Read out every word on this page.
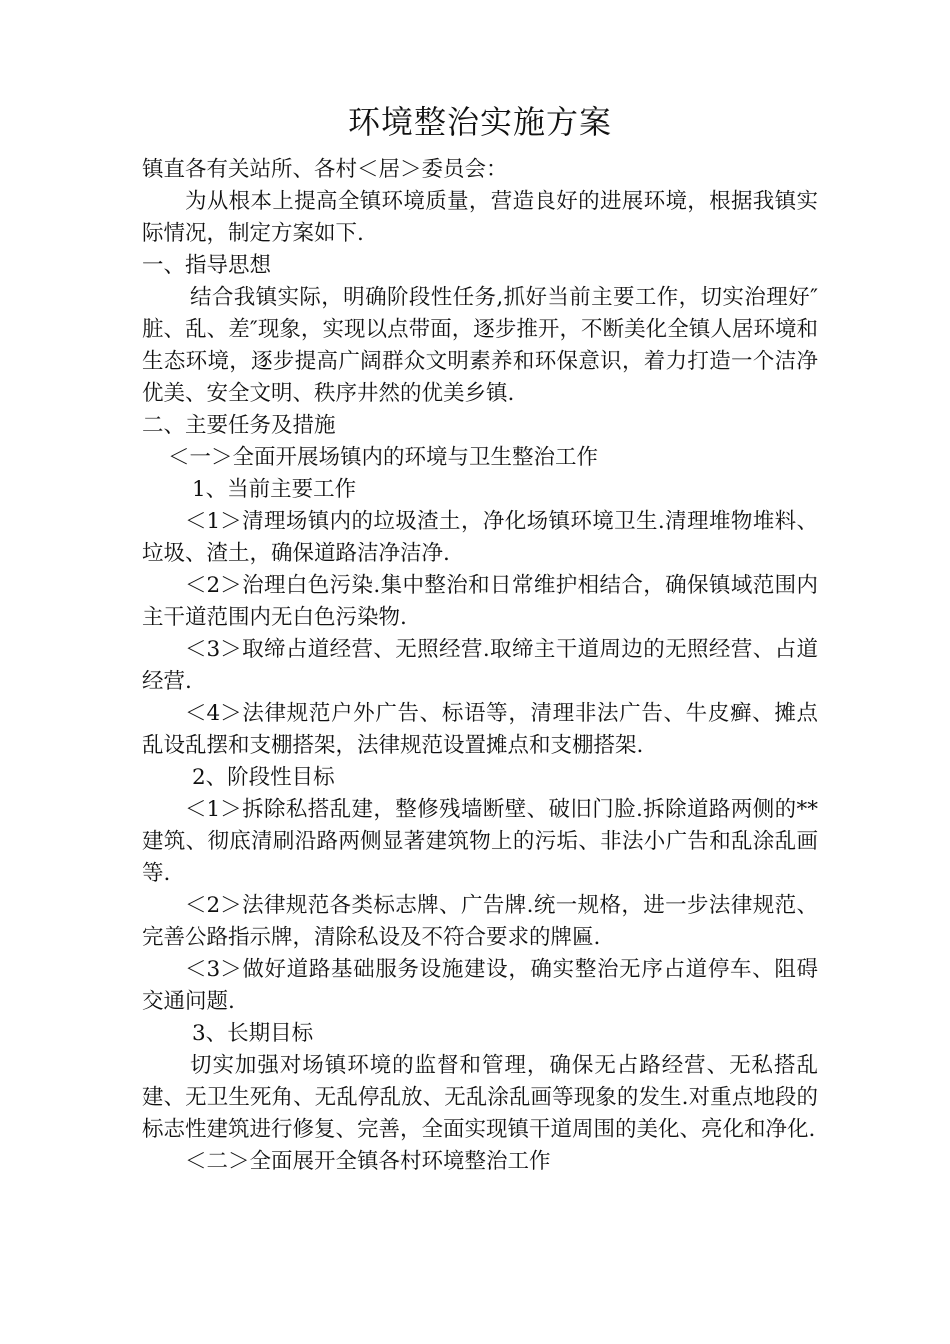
环境整治实施方案

镇直各有关站所、各村＜居＞委员会：

为从根本上提高全镇环境质量，营造良好的进展环境，根据我镇实际情况，制定方案如下.

一、指导思想

结合我镇实际，明确阶段性任务,抓好当前主要工作，切实治理好″脏、乱、差″现象，实现以点带面，逐步推开，不断美化全镇人居环境和生态环境，逐步提高广阔群众文明素养和环保意识，着力打造一个洁净优美、安全文明、秩序井然的优美乡镇.

二、主要任务及措施

＜一＞全面开展场镇内的环境与卫生整治工作

1、当前主要工作

＜1＞清理场镇内的垃圾渣土，净化场镇环境卫生.清理堆物堆料、垃圾、渣土，确保道路洁净洁净.

＜2＞治理白色污染.集中整治和日常维护相结合，确保镇域范围内主干道范围内无白色污染物.

＜3＞取缔占道经营、无照经营.取缔主干道周边的无照经营、占道经营.

＜4＞法律规范户外广告、标语等，清理非法广告、牛皮癣、摊点乱设乱摆和支棚搭架，法律规范设置摊点和支棚搭架.

2、阶段性目标

＜1＞拆除私搭乱建，整修残墙断壁、破旧门脸.拆除道路两侧的**建筑、彻底清刷沿路两侧显著建筑物上的污垢、非法小广告和乱涂乱画等.

＜2＞法律规范各类标志牌、广告牌.统一规格，进一步法律规范、完善公路指示牌，清除私设及不符合要求的牌匾.

＜3＞做好道路基础服务设施建设，确实整治无序占道停车、阻碍交通问题.

3、长期目标

切实加强对场镇环境的监督和管理，确保无占路经营、无私搭乱建、无卫生死角、无乱停乱放、无乱涂乱画等现象的发生.对重点地段的标志性建筑进行修复、完善，全面实现镇干道周围的美化、亮化和净化.

＜二＞全面展开全镇各村环境整治工作
